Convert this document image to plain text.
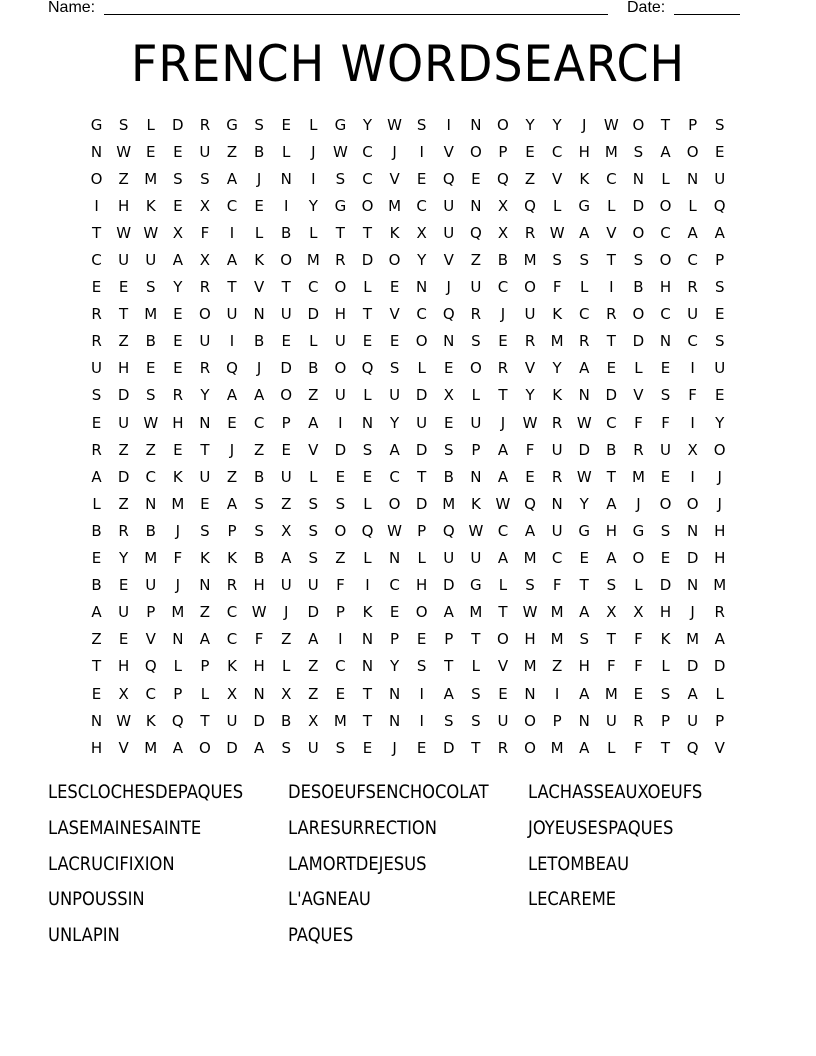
Name:	Date:
FRENCH WORDSEARCH
G	S	L	D	R	G	S	E	L	G	Y	W S	I	N	O	Y	Y	J	W O	T	P	S
N W E	E	U	Z	B	L	J	W C	J	I	V	O	P	E	C	H M	S	A	O	E
O	Z	M	S	S	A	J	N	I	S	C	V	E	Q	E	Q	Z	V	K	C	N	L	N	U
I	H	K	E	X	C	E	I	Y	G	O M	C	U	N	X	Q	L	G	L	D	O	L	Q
T	W W X	F	I	L	B	L	T	T	K	X	U	Q	X	R W A	V	O	C	A	A
C	U	U	A	X	A	K	O M	R	D	O	Y	V	Z	B	M	S	S	T	S	O	C	P
E	E	S	Y	R	T	V	T	C	O	L	E	N	J	U	C	O	F	L	I	B	H	R	S
R	T	M	E	O	U	N	U	D	H	T	V	C	Q	R	J	U	K	C	R	O	C	U	E
R	Z	B	E	U	I	B	E	L	U	E	E	O	N	S	E	R	M	R	T	D	N	C	S
U	H	E	E	R	Q	J	D	B	O	Q	S	L	E	O	R	V	Y	A	E	L	E	I	U
S	D	S	R	Y	A	A	O	Z	U	L	U	D	X	L	T	Y	K	N	D	V	S	F	E
E	U W H	N	E	C	P	A	I	N	Y	U	E	U	J	W R W C	F	F	I	Y
R	Z	Z	E	T	J	Z	E	V	D	S	A	D	S	P	A	F	U	D	B	R	U	X	O
A	D	C	K	U	Z	B	U	L	E	E	C	T	B	N	A	E	R W	T	M	E	I	J
L	Z	N	M	E	A	S	Z	S	S	L	O	D M	K W Q	N	Y	A	J	O	O	J
B	R	B	J	S	P	S	X	S	O	Q W	P	Q W C	A	U	G	H	G	S	N	H
E	Y	M	F	K	K	B	A	S	Z	L	N	L	U	U	A	M	C	E	A	O	E	D	H
B	E	U	J	N	R	H	U	U	F	I	C	H	D	G	L	S	F	T	S	L	D	N	M
A	U	P	M	Z	C W	J	D	P	K	E	O	A	M	T	W M	A	X	X	H	J	R
Z	E	V	N	A	C	F	Z	A	I	N	P	E	P	T	O	H M	S	T	F	K	M	A
T	H	Q	L	P	K	H	L	Z	C	N	Y	S	T	L	V	M	Z	H	F	F	L	D	D
E	X	C	P	L	X	N	X	Z	E	T	N	I	A	S	E	N	I	A	M	E	S	A	L
N W K	Q	T	U	D	B	X	M	T	N	I	S	S	U	O	P	N	U	R	P	U	P
H	V	M	A	O	D	A	S	U	S	E	J	E	D	T	R	O M	A	L	F	T	Q	V
LESCLOCHESDEPAQUES	DESOEUFSENCHOCOLAT	LACHASSEAUXOEUFS
LASEMAINESAINTE	LARESURRECTION	JOYEUSESPAQUES
LACRUCIFIXION	LAMORTDEJESUS	LETOMBEAU
UNPOUSSIN	L'AGNEAU	LECAREME
UNLAPIN	PAQUES
